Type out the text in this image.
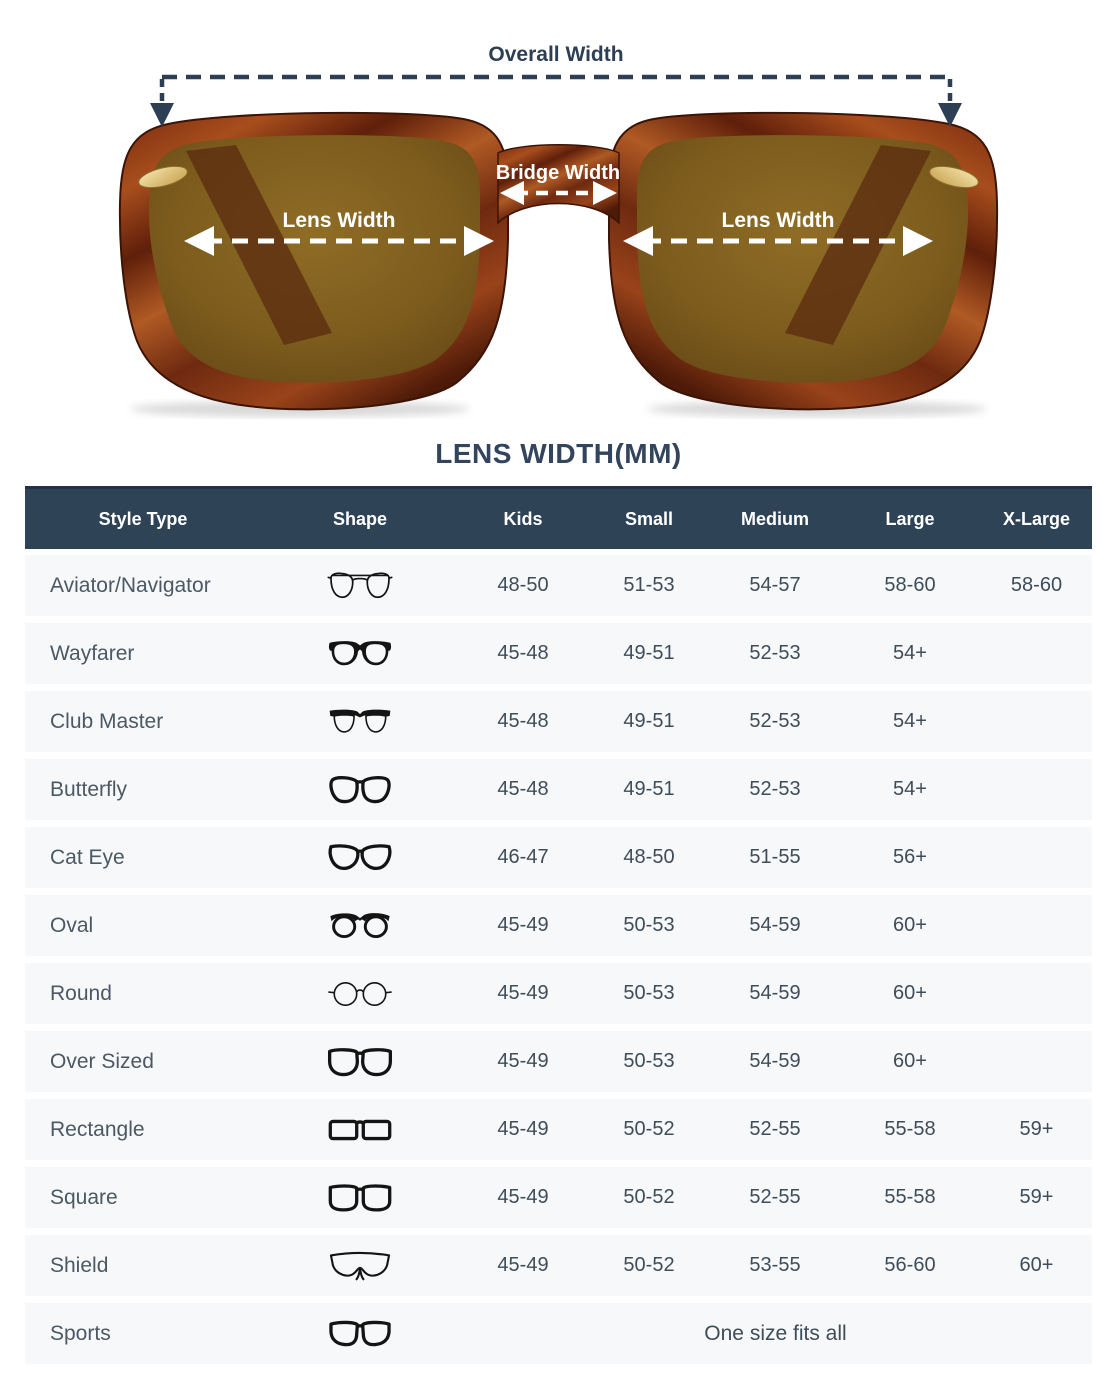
Overall Width
Bridge Width
Lens Width	Lens Width
LENS WIDTH(MM)
Style Type	Shape	Kids	Small	Medium	Large	X-Large
Aviator/Navigator	48-50	51-53	54-57	58-60	58-60
Wayfarer	45-48	49-51	52-53	54+
Club Master	45-48	49-51	52-53	54+
Butterfly	45-48	49-51	52-53	54+
Cat Eye	46-47	48-50	51-55	56+
Oval	45-49	50-53	54-59	60+
Round	45-49	50-53	54-59	60+
Over Sized	45-49	50-53	54-59	60+
Rectangle	45-49	50-52	52-55	55-58	59+
Square	45-49	50-52	52-55	55-58	59+
Shield	45-49	50-52	53-55	56-60	60+
Sports	One size fits all
